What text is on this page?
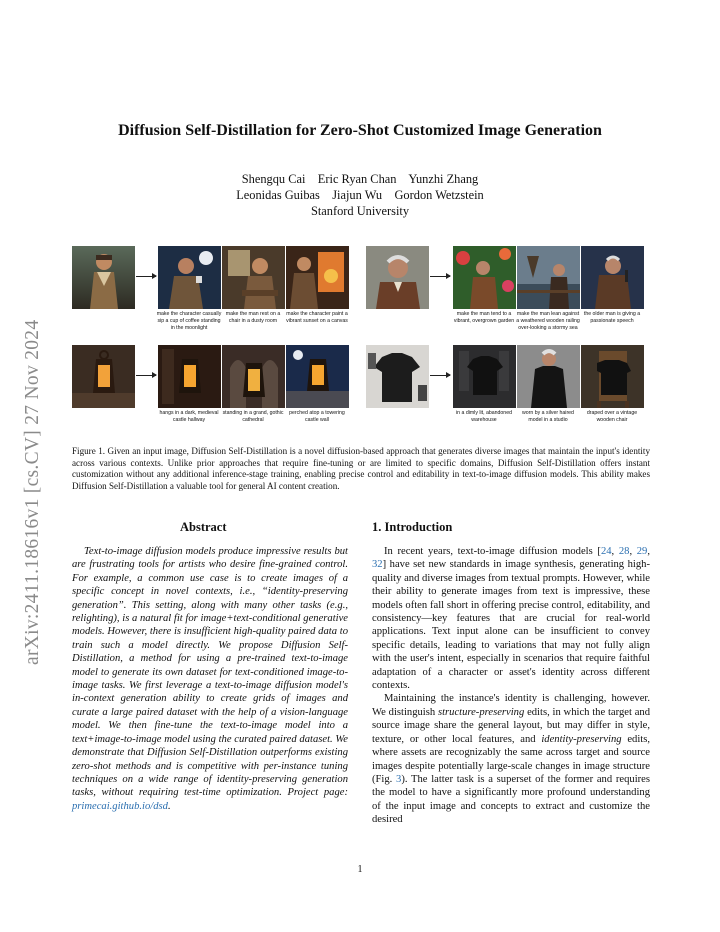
arXiv:2411.18616v1 [cs.CV] 27 Nov 2024
Diffusion Self-Distillation for Zero-Shot Customized Image Generation
Shengqu Cai    Eric Ryan Chan    Yunzhi Zhang
Leonidas Guibas    Jiajun Wu    Gordon Wetzstein
Stanford University
make the character casually sip a cup of coffee standing in the moonlight
make the man rest on a chair in a dusty room
make the character paint a vibrant sunset on a canvas
make the man tend to a vibrant, overgrown garden
make the man lean against a weathered wooden railing over-looking a stormy sea
the older man is giving a passionate speech
hangs in a dark, medieval castle hallway
standing in a grand, gothic cathedral
perched atop a towering castle wall
in a dimly lit, abandoned warehouse
worn by a silver haired model in a studio
draped over a vintage wooden chair
Figure 1. Given an input image, Diffusion Self-Distillation is a novel diffusion-based approach that generates diverse images that maintain the input's identity across various contexts. Unlike prior approaches that require fine-tuning or are limited to specific domains, Diffusion Self-Distillation offers instant customization without any additional inference-stage training, enabling precise control and editability in text-to-image diffusion models. This ability makes Diffusion Self-Distillation a valuable tool for general AI content creation.
Abstract	1. Introduction
Text-to-image diffusion models produce impressive results but are frustrating tools for artists who desire fine-grained control. For example, a common use case is to create images of a specific concept in novel contexts, i.e., “identity-preserving generation”. This setting, along with many other tasks (e.g., relighting), is a natural fit for image+text-conditional generative models. However, there is insufficient high-quality paired data to train such a model directly. We propose Diffusion Self-Distillation, a method for using a pre-trained text-to-image model to generate its own dataset for text-conditioned image-to-image tasks. We first leverage a text-to-image diffusion model's in-context generation ability to create grids of images and curate a large paired dataset with the help of a vision-language model. We then fine-tune the text-to-image model into a text+image-to-image model using the curated paired dataset. We demonstrate that Diffusion Self-Distillation outperforms existing zero-shot methods and is competitive with per-instance tuning techniques on a wide range of identity-preserving generation tasks, without requiring test-time optimization. Project page: primecai.github.io/dsd.

In recent years, text-to-image diffusion models [24, 28, 29, 32] have set new standards in image synthesis, generating high-quality and diverse images from textual prompts. However, while their ability to generate images from text is impressive, these models often fall short in offering precise control, editability, and consistency—key features that are crucial for real-world applications. Text input alone can be insufficient to convey specific details, leading to variations that may not fully align with the user's intent, especially in scenarios that require faithful adaptation of a character or asset's identity across different contexts.

Maintaining the instance's identity is challenging, however. We distinguish structure-preserving edits, in which the target and source image share the general layout, but may differ in style, texture, or other local features, and identity-preserving edits, where assets are recognizably the same across target and source images despite potentially large-scale changes in image structure (Fig. 3). The latter task is a superset of the former and requires the model to have a significantly more profound understanding of the input image and concepts to extract and customize the desired

1
